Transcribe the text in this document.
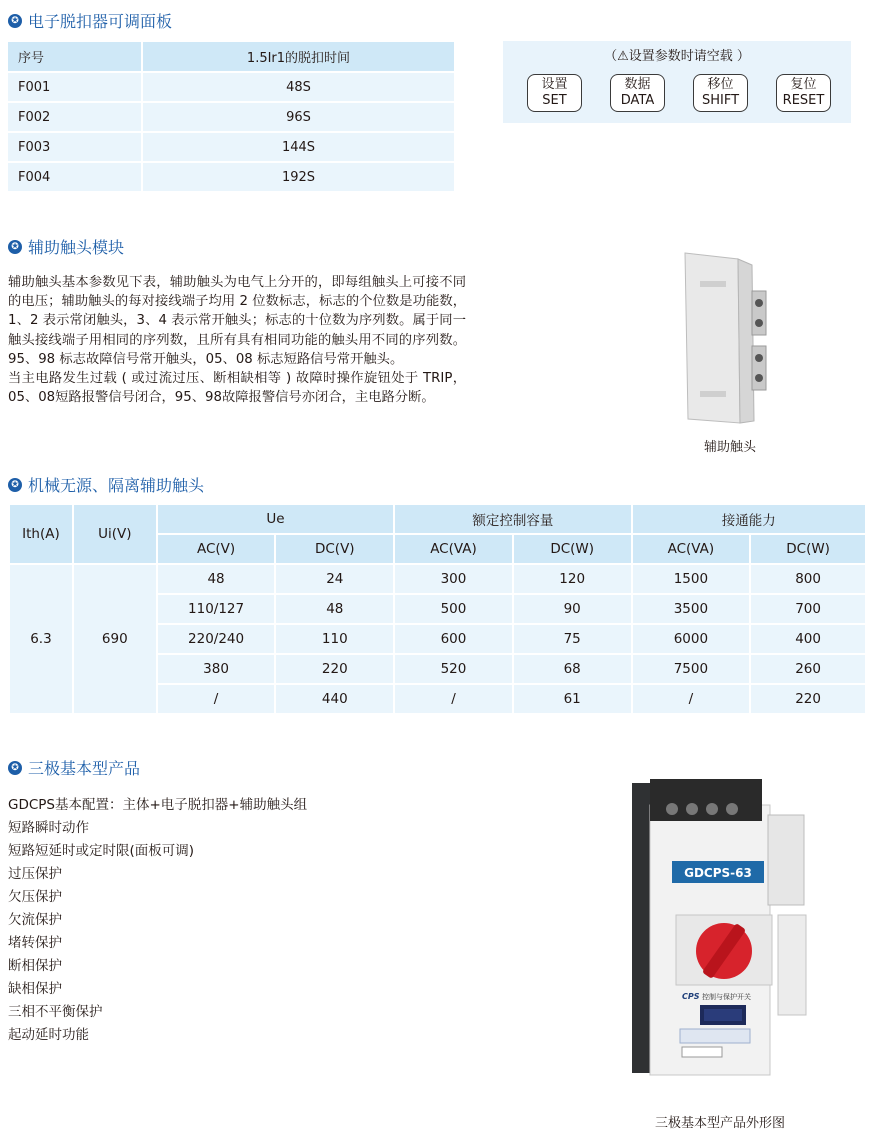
✪ 电子脱扣器可调面板
序号	1.5Ir1的脱扣时间
F001	48S
F002	96S
F003	144S
F004	192S
（⚠设置参数时请空载 ）
设置
SET
数据
DATA
移位
SHIFT
复位
RESET
✪ 辅助触头模块

辅助触头基本参数见下表，辅助触头为电气上分开的，即每组触头上可接不同的电压；辅助触头的每对接线端子均用 2 位数标志，标志的个位数是功能数，1、2 表示常闭触头，3、4 表示常开触头；标志的十位数为序列数。属于同一触头接线端子用相同的序列数，且所有具有相同功能的触头用不同的序列数。95、98 标志故障信号常开触头，05、08 标志短路信号常开触头。

当主电路发生过载 ( 或过流过压、断相缺相等 ) 故障时操作旋钮处于 TRIP，05、08短路报警信号闭合，95、98故障报警信号亦闭合，主电路分断。

辅助触头
✪ 机械无源、隔离辅助触头
Ith(A)	Ui(V)	Ue		额定控制容量		接通能力	
		AC(V)	DC(V)	AC(VA)	DC(W)	AC(VA)	DC(W)
6.3	690	48	24	300	120	1500	800
		110/127	48	500	90	3500	700
		220/240	110	600	75	6000	400
		380	220	520	68	7500	260
		/	440	/	61	/	220
✪ 三极基本型产品
GDCPS基本配置：主体+电子脱扣器+辅助触头组
短路瞬时动作
短路短延时或定时限(面板可调)
过压保护
欠压保护
欠流保护
堵转保护
断相保护
缺相保护
三相不平衡保护
起动延时功能
GDCPS-63
CPS 控制与保护开关
三极基本型产品外形图
